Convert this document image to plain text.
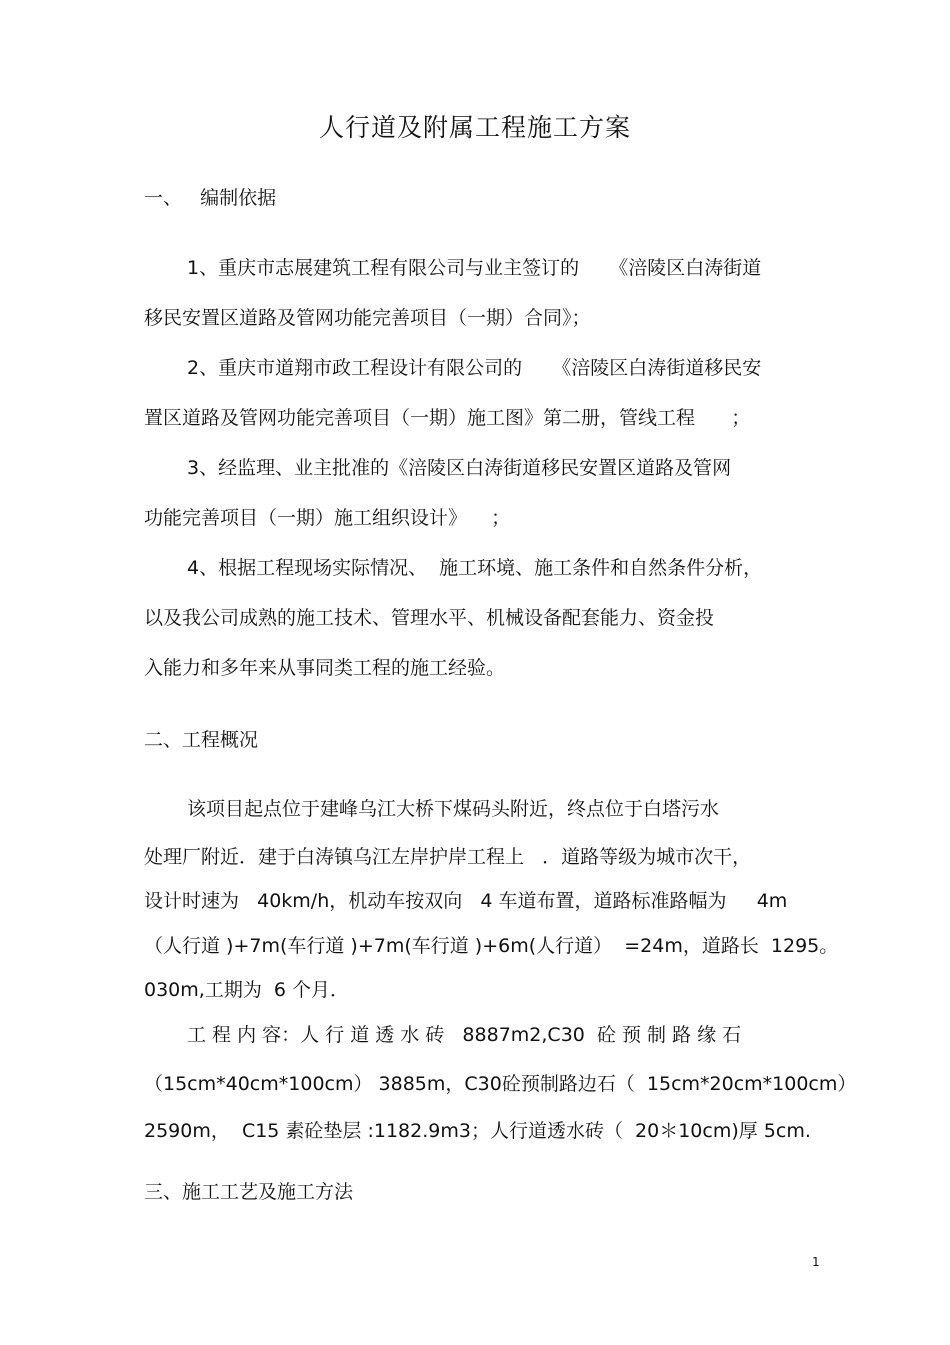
人行道及附属工程施工方案
一、   编制依据
1、重庆市志展建筑工程有限公司与业主签订的     《涪陵区白涛街道
移民安置区道路及管网功能完善项目（一期）合同》；
2、重庆市道翔市政工程设计有限公司的     《涪陵区白涛街道移民安
置区道路及管网功能完善项目（一期）施工图》第二册，管线工程      ；
3、经监理、业主批准的《涪陵区白涛街道移民安置区道路及管网
功能完善项目（一期）施工组织设计》    ；
4、根据工程现场实际情况、  施工环境、施工条件和自然条件分析，
以及我公司成熟的施工技术、管理水平、机械设备配套能力、资金投
入能力和多年来从事同类工程的施工经验。
二、工程概况
该项目起点位于建峰乌江大桥下煤码头附近，终点位于白塔污水
处理厂附近．建于白涛镇乌江左岸护岸工程上   ．道路等级为城市次干，
设计时速为   40km/h，机动车按双向   4 车道布置，道路标准路幅为     4m
（人行道 )+7m(车行道 )+7m(车行道 )+6m(人行道）  =24m，道路长  1295。
030m,工期为  6 个月．
工 程 内 容：人 行 道 透 水 砖   8887m2,C30  砼 预 制 路 缘 石
（15cm*40cm*100cm） 3885m，C30砼预制路边石（  15cm*20cm*100cm）
2590m，  C15 素砼垫层 :1182.9m3；人行道透水砖（  20＊10cm)厚 5cm.
三、施工工艺及施工方法
1
